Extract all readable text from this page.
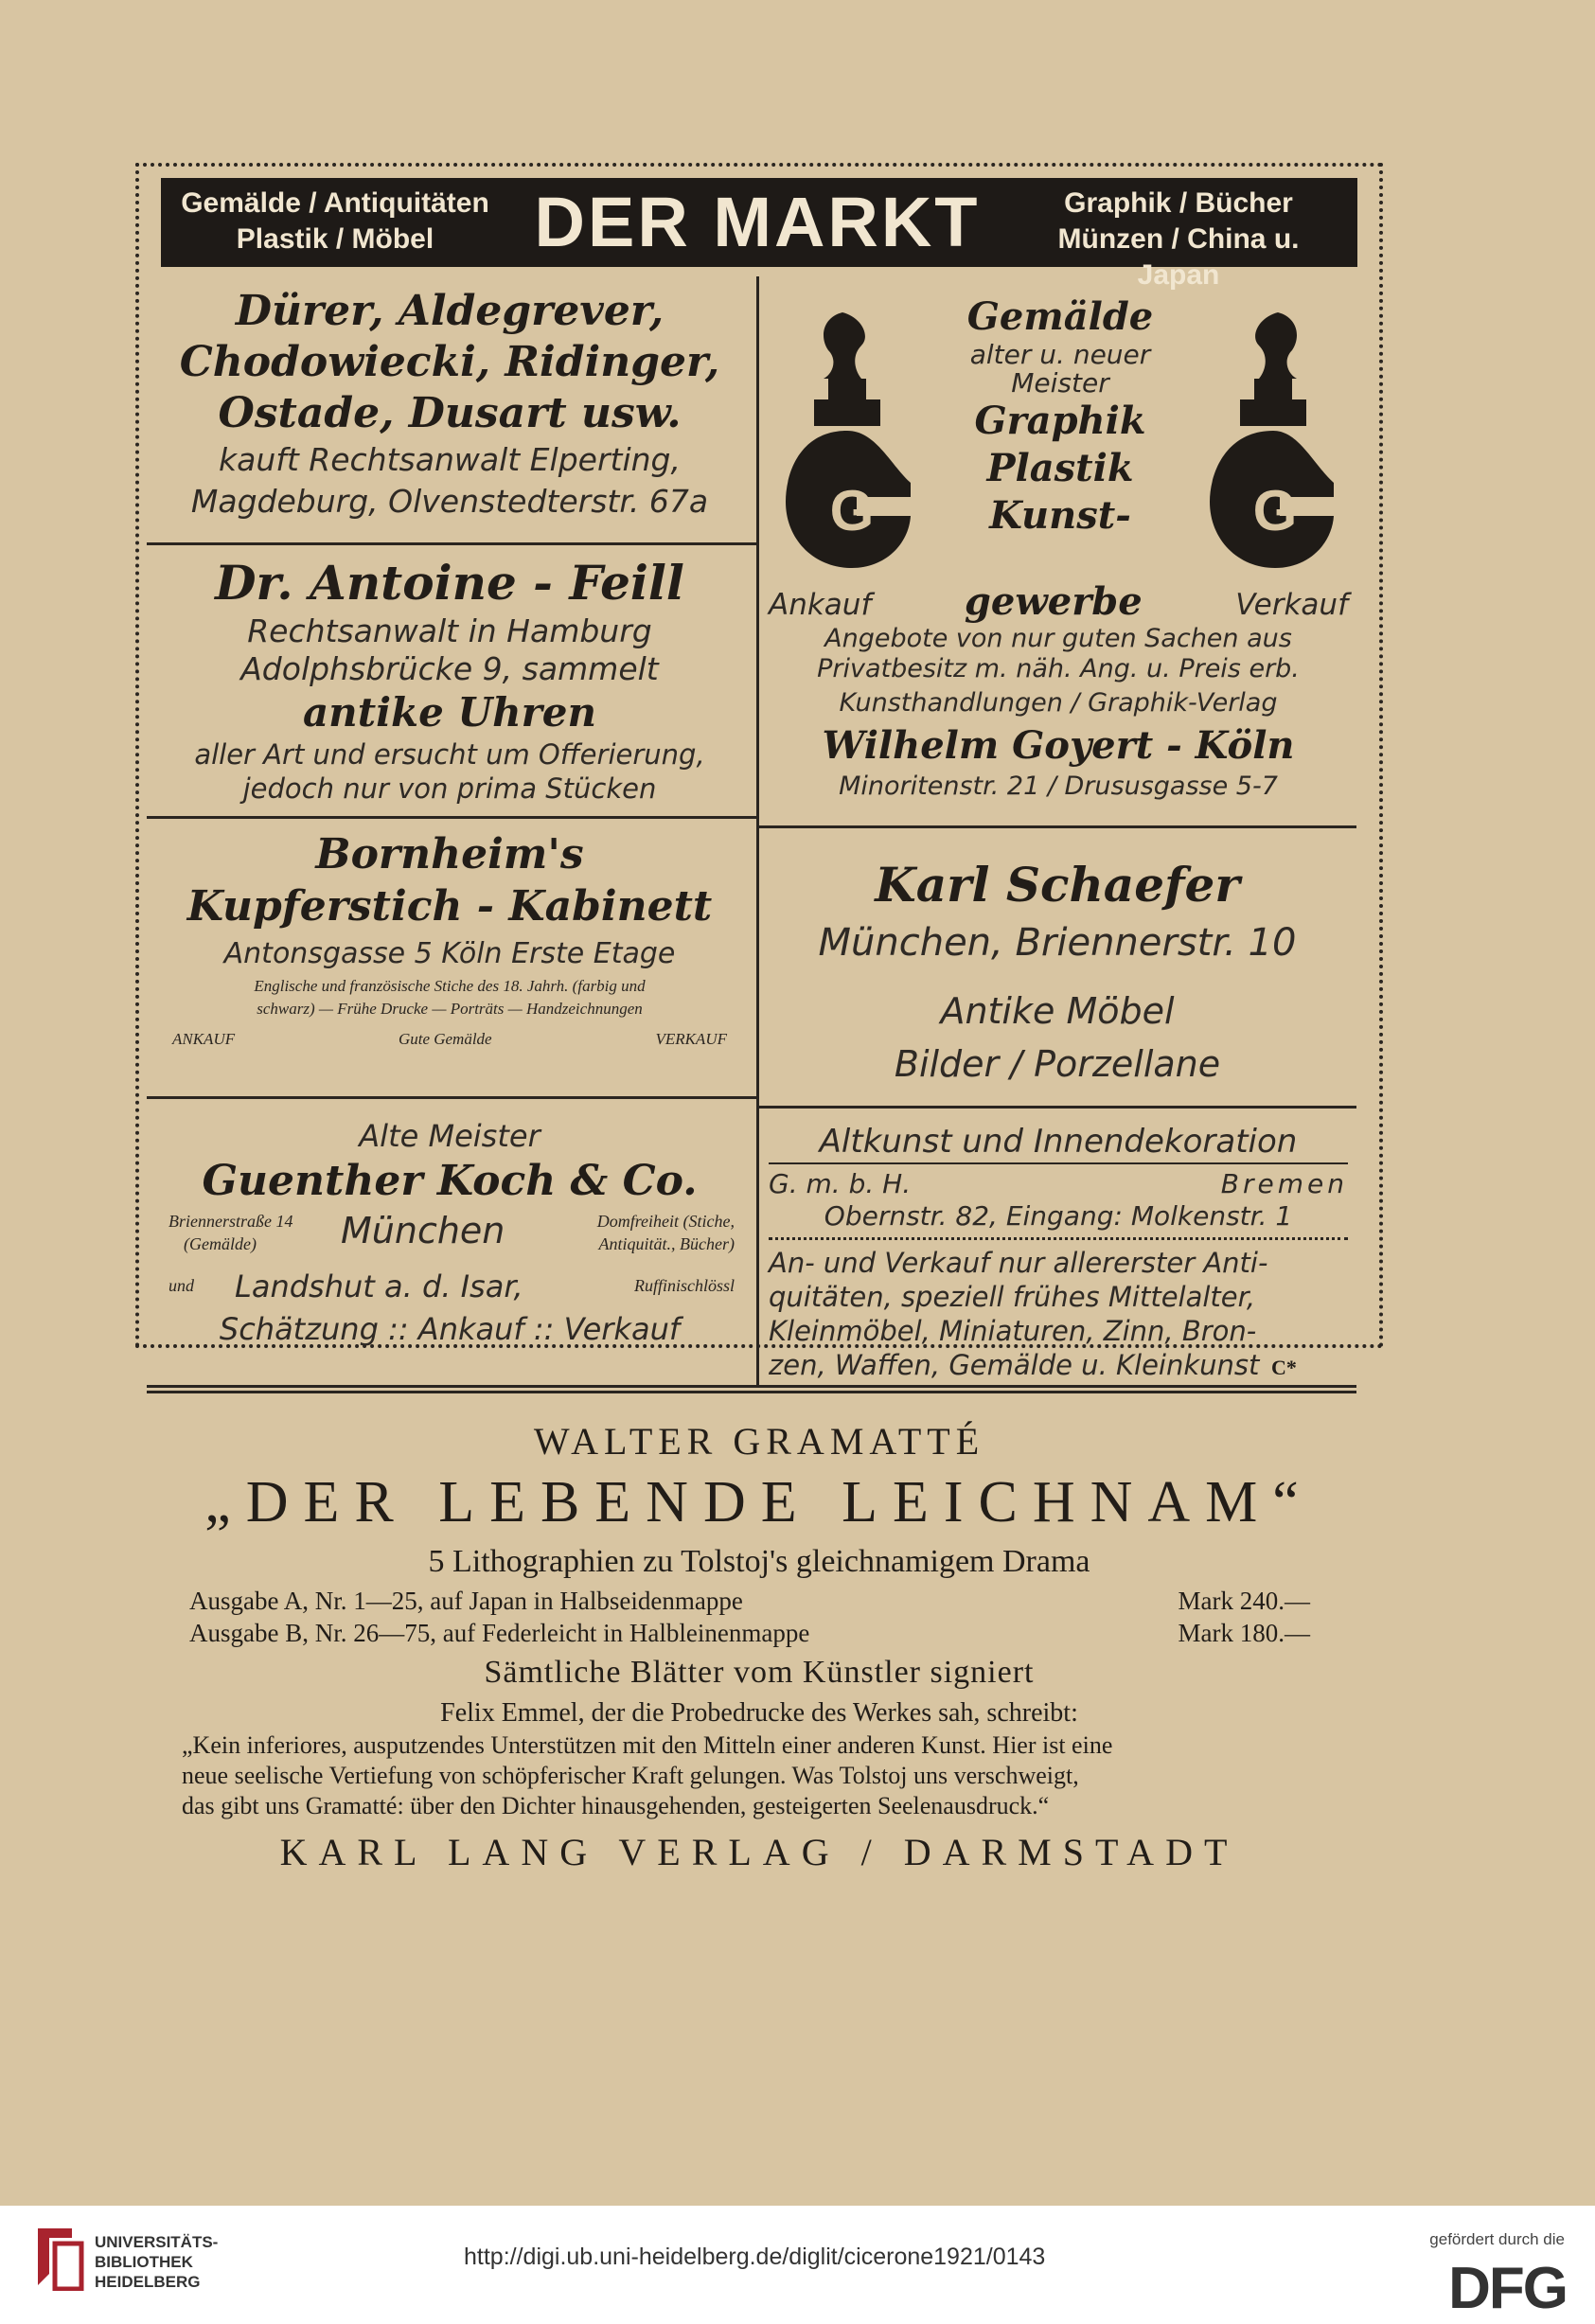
Gemälde / Antiquitäten
Plastik / Möbel	DER MARKT	Graphik / Bücher
Münzen / China u. Japan
Dürer, Aldegrever,
Chodowiecki, Ridinger,
Ostade, Dusart usw.
kauft Rechtsanwalt Elperting,
Magdeburg, Olvenstedterstr. 67a
Dr. Antoine - Feill
Rechtsanwalt in Hamburg
Adolphsbrücke 9, sammelt
antike Uhren
aller Art und ersucht um Offerierung,
jedoch nur von prima Stücken
G	G
Gemälde
alter u. neuer
Meister
Graphik
Plastik
Kunst-
Ankauf gewerbe	Verkauf
Angebote von nur guten Sachen aus
Privatbesitz m. näh. Ang. u. Preis erb.
Kunsthandlungen / Graphik-Verlag
Wilhelm Goyert - Köln
Minoritenstr. 21 / Drususgasse 5-7
Bornheim's
Kupferstich - Kabinett
Antonsgasse 5 Köln Erste Etage
Englische und französische Stiche des 18. Jahrh. (farbig und
schwarz) — Frühe Drucke — Porträts — Handzeichnungen
ANKAUF	Gute Gemälde	VERKAUF
Karl Schaefer
München, Briennerstr. 10
Antike Möbel
Bilder / Porzellane
Alte Meister
Guenther Koch & Co.
Briennerstraße 14
(Gemälde) München	Domfreiheit (Stiche,
Antiquität., Bücher)
und Landshut a. d. Isar,	Ruffinischlössl
Schätzung :: Ankauf :: Verkauf
Altkunst und Innendekoration
G. m. b. H.	Bremen
Obernstr. 82, Eingang: Molkenstr. 1
An- und Verkauf nur allererster Anti-
quitäten, speziell frühes Mittelalter,
Kleinmöbel, Miniaturen, Zinn, Bron-
zen, Waffen, Gemälde u. Kleinkunst
WALTER GRAMATTÉ
„DER LEBENDE LEICHNAM“
5 Lithographien zu Tolstoj's gleichnamigem Drama
Ausgabe A, Nr. 1—25, auf Japan in Halbseidenmappe	Mark 240.—
Ausgabe B, Nr. 26—75, auf Federleicht in Halbleinenmappe	Mark 180.—
Sämtliche Blätter vom Künstler signiert
Felix Emmel, der die Probedrucke des Werkes sah, schreibt:
„Kein inferiores, ausputzendes Unterstützen mit den Mitteln einer anderen Kunst. Hier ist eine
neue seelische Vertiefung von schöpferischer Kraft gelungen. Was Tolstoj uns verschweigt,
das gibt uns Gramatté: über den Dichter hinausgehenden, gesteigerten Seelenausdruck.“
KARL LANG VERLAG / DARMSTADT
C*
UNIVERSITÄTS-
BIBLIOTHEK
HEIDELBERG
http://digi.ub.uni-heidelberg.de/diglit/cicerone1921/0143
gefördert durch die
DFG
